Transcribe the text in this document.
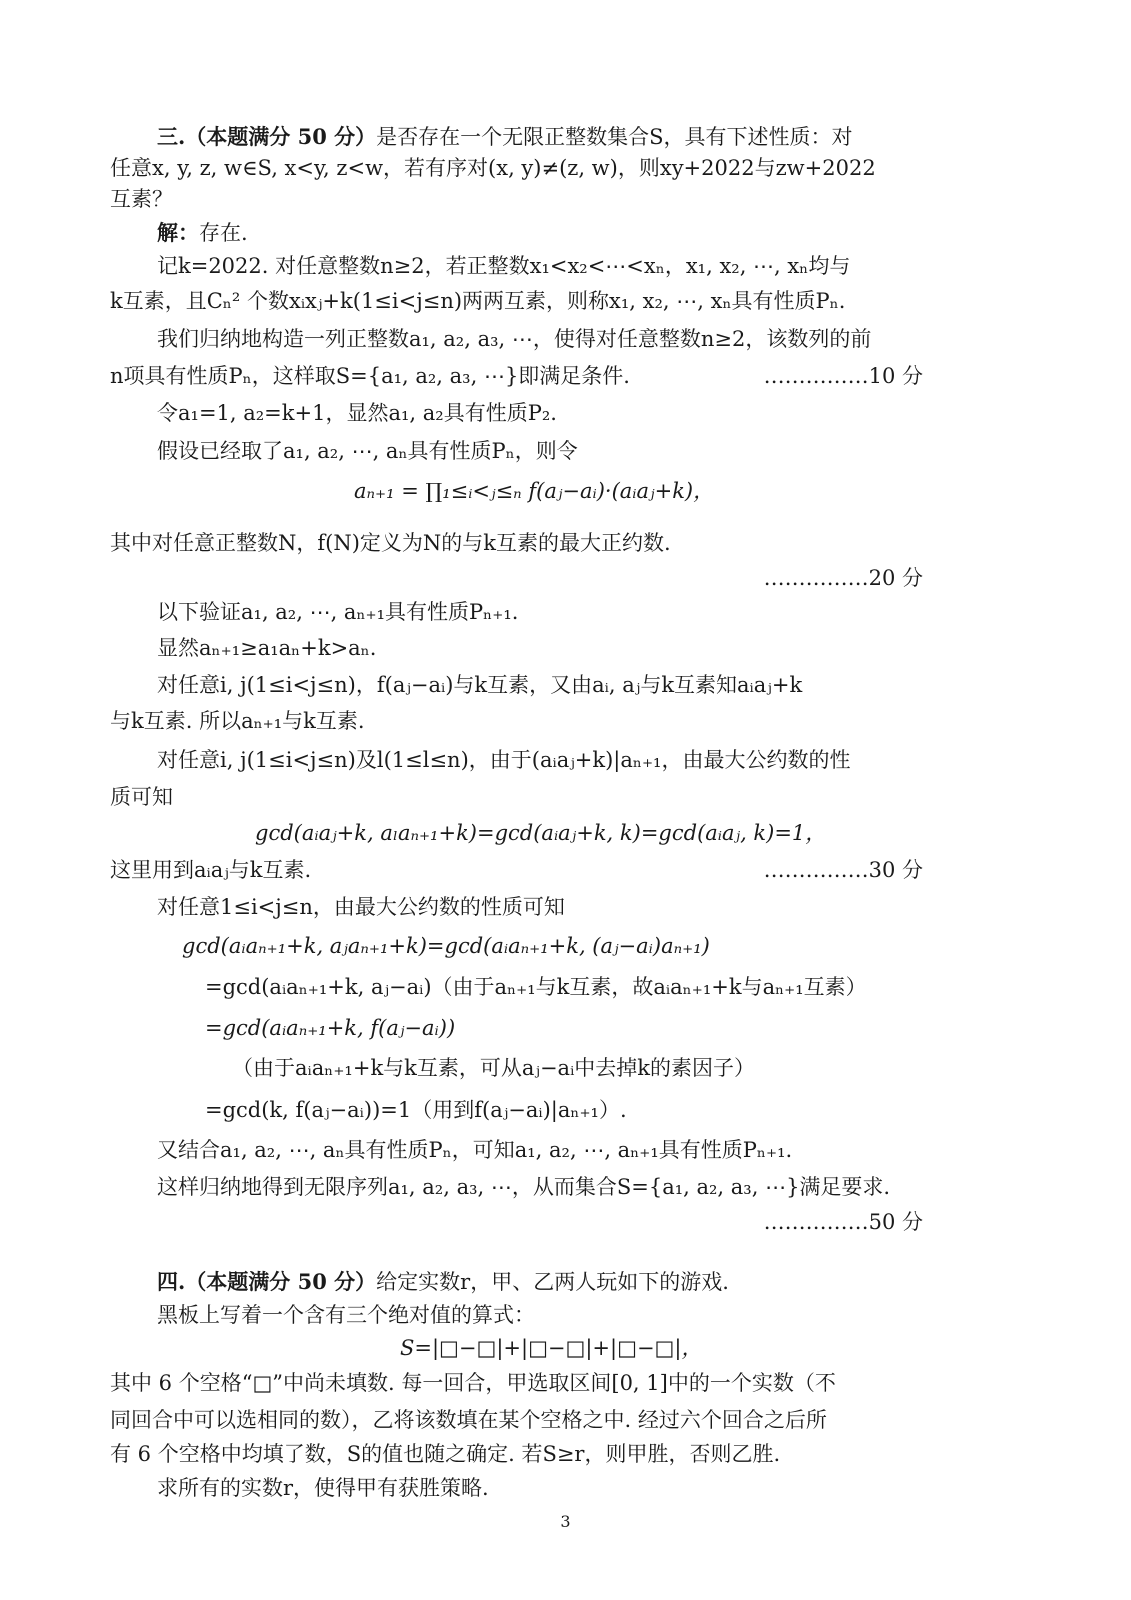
三.（本题满分 50 分）是否存在一个无限正整数集合S，具有下述性质：对
任意x, y, z, w∈S, x<y, z<w，若有序对(x, y)≠(z, w)，则xy+2022与zw+2022
互素？
解：存在.
记k=2022. 对任意整数n≥2，若正整数x₁<x₂<⋯<xₙ，x₁, x₂, ⋯, xₙ均与
k互素，且Cₙ² 个数xᵢxⱼ+k(1≤i<j≤n)两两互素，则称x₁, x₂, ⋯, xₙ具有性质Pₙ.
我们归纳地构造一列正整数a₁, a₂, a₃, ⋯，使得对任意整数n≥2，该数列的前
n项具有性质Pₙ，这样取S={a₁, a₂, a₃, ⋯}即满足条件.	……………10 分
令a₁=1, a₂=k+1，显然a₁, a₂具有性质P₂.
假设已经取了a₁, a₂, ⋯, aₙ具有性质Pₙ，则令
aₙ₊₁ = ∏₁≤ᵢ<ⱼ≤ₙ f(aⱼ−aᵢ)·(aᵢaⱼ+k)，
其中对任意正整数N，f(N)定义为N的与k互素的最大正约数.
……………20 分
以下验证a₁, a₂, ⋯, aₙ₊₁具有性质Pₙ₊₁.
显然aₙ₊₁≥a₁aₙ+k>aₙ.
对任意i, j(1≤i<j≤n)，f(aⱼ−aᵢ)与k互素，又由aᵢ, aⱼ与k互素知aᵢaⱼ+k
与k互素. 所以aₙ₊₁与k互素.
对任意i, j(1≤i<j≤n)及l(1≤l≤n)，由于(aᵢaⱼ+k)|aₙ₊₁，由最大公约数的性
质可知
gcd(aᵢaⱼ+k, aₗaₙ₊₁+k)=gcd(aᵢaⱼ+k, k)=gcd(aᵢaⱼ, k)=1，
这里用到aᵢaⱼ与k互素.	……………30 分
对任意1≤i<j≤n，由最大公约数的性质可知
gcd(aᵢaₙ₊₁+k, aⱼaₙ₊₁+k)=gcd(aᵢaₙ₊₁+k, (aⱼ−aᵢ)aₙ₊₁)
=gcd(aᵢaₙ₊₁+k, aⱼ−aᵢ)（由于aₙ₊₁与k互素，故aᵢaₙ₊₁+k与aₙ₊₁互素）
=gcd(aᵢaₙ₊₁+k, f(aⱼ−aᵢ))
（由于aᵢaₙ₊₁+k与k互素，可从aⱼ−aᵢ中去掉k的素因子）
=gcd(k, f(aⱼ−aᵢ))=1（用到f(aⱼ−aᵢ)|aₙ₊₁）.
又结合a₁, a₂, ⋯, aₙ具有性质Pₙ，可知a₁, a₂, ⋯, aₙ₊₁具有性质Pₙ₊₁.
这样归纳地得到无限序列a₁, a₂, a₃, ⋯，从而集合S={a₁, a₂, a₃, ⋯}满足要求.
……………50 分
四.（本题满分 50 分）给定实数r，甲、乙两人玩如下的游戏.
黑板上写着一个含有三个绝对值的算式：
S=|□−□|+|□−□|+|□−□|，
其中 6 个空格“□”中尚未填数. 每一回合，甲选取区间[0, 1]中的一个实数（不
同回合中可以选相同的数），乙将该数填在某个空格之中. 经过六个回合之后所
有 6 个空格中均填了数，S的值也随之确定. 若S≥r，则甲胜，否则乙胜.
求所有的实数r，使得甲有获胜策略.
3
